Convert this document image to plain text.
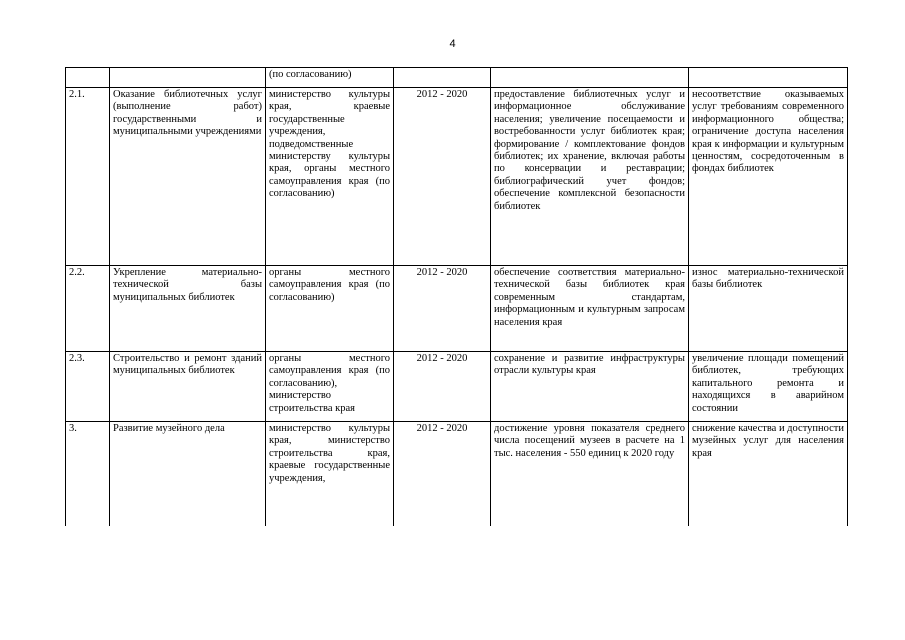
4
		(по согласованию)			
2.1.	Оказание библиотечных услуг (выполнение работ) государственными и муниципальными учреждениями	министерство культуры края, краевые государственные учреждения, подведомственные министерству культуры края, органы местного самоуправления края (по согласованию)	2012 - 2020	предоставление библиотечных услуг и информационное обслуживание населения; увеличение посещаемости и востребованности услуг библиотек края; формирование / комплектование фондов библиотек; их хранение, включая работы по консервации и реставрации; библиографический учет фондов; обеспечение комплексной безопасности библиотек	несоответствие оказываемых услуг требованиям современного информационного общества; ограничение доступа населения края к информации и культурным ценностям, сосредоточенным в фондах библиотек
2.2.	Укрепление материально-технической базы муниципальных библиотек	органы местного самоуправления края (по согласованию)	2012 - 2020	обеспечение соответствия материально-технической базы библиотек края современным стандартам, информационным и культурным запросам населения края	износ материально-технической базы библиотек
2.3.	Строительство и ремонт зданий муниципальных библиотек	органы местного самоуправления края (по согласованию), министерство строительства края	2012 - 2020	сохранение и развитие инфраструктуры отрасли культуры края	увеличение площади помещений библиотек, требующих капитального ремонта и находящихся в аварийном состоянии
3.	Развитие музейного дела	министерство культуры края, министерство строительства края, краевые государственные учреждения,	2012 - 2020	достижение уровня показателя среднего числа посещений музеев в расчете на 1 тыс. населения - 550 единиц к 2020 году	снижение качества и доступности музейных услуг для населения края
